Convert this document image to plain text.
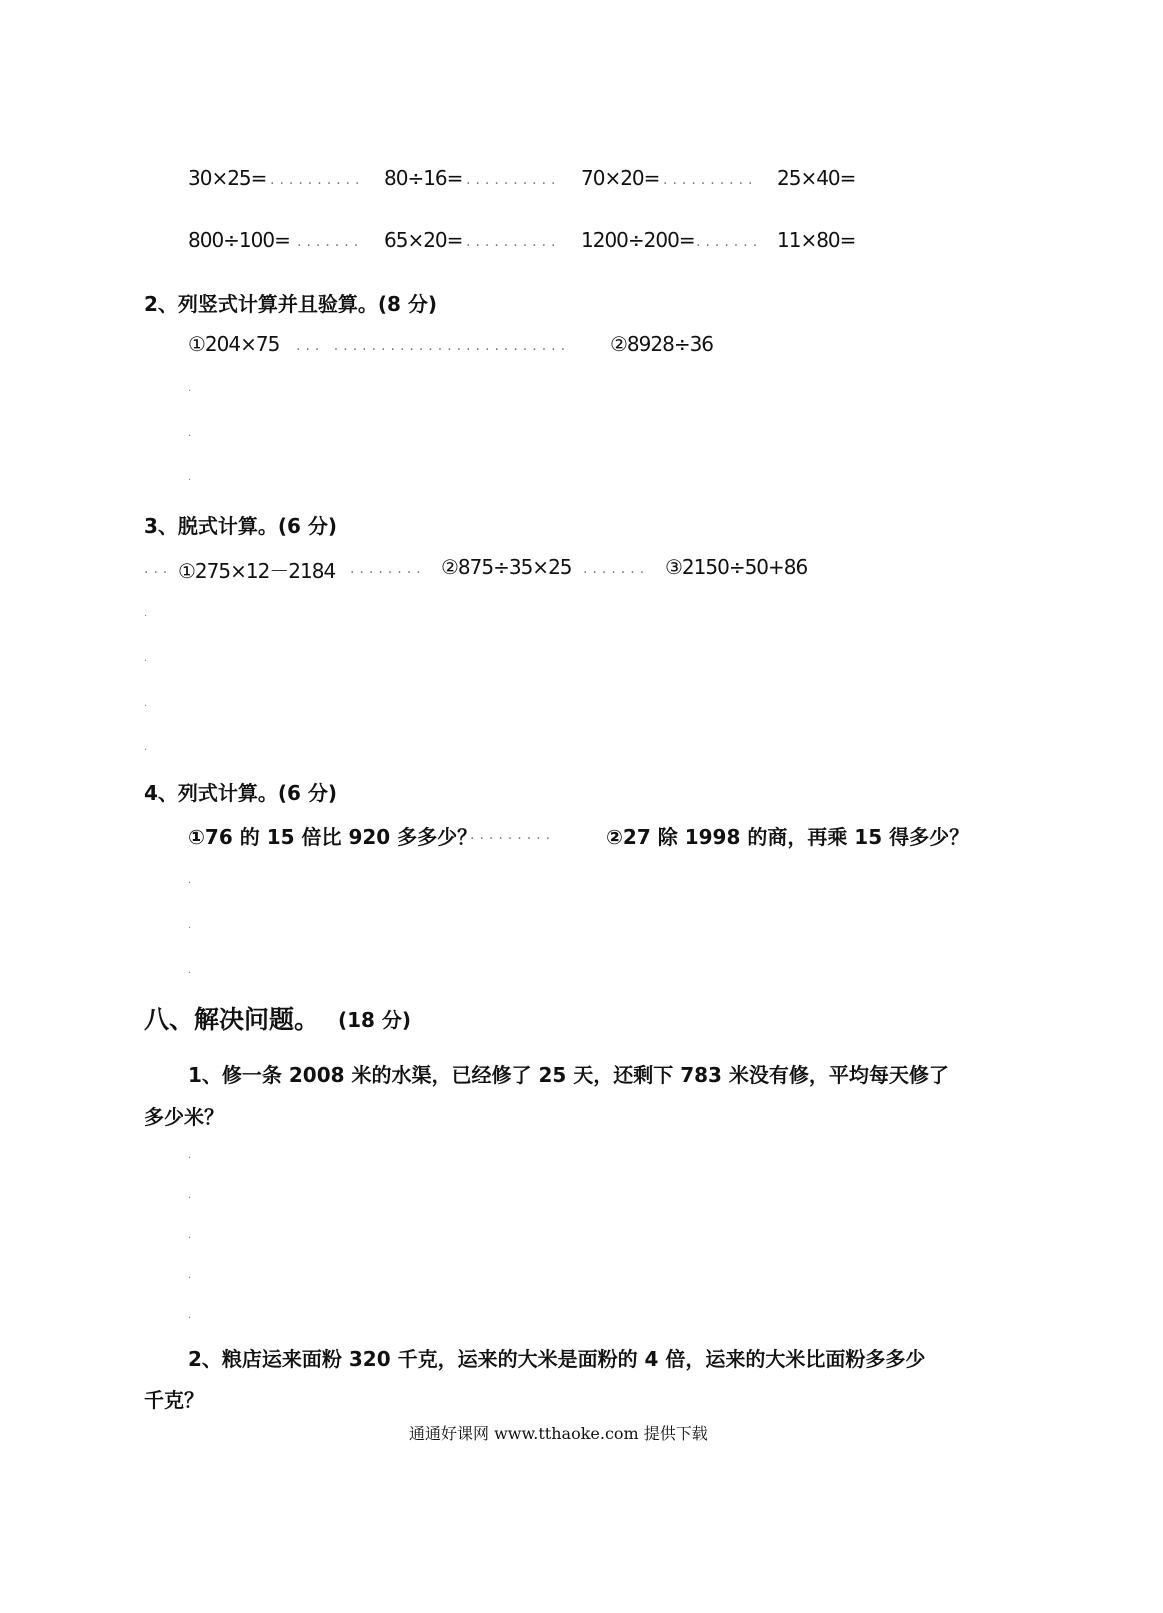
30×25= .......... 80÷16= .......... 70×20= .......... 25×40=
800÷100= ....... 65×20= .......... 1200÷200= ....... 11×80=
2、列竖式计算并且验算。(8 分)
①204×75 ... ......................... ②8928÷36
.
.
.
3、脱式计算。(6 分)
... ①275×12－2184 ........ ②875÷35×25 ....... ③2150÷50+86
.
.
.
.
4、列式计算。(6 分)
①76 的 15 倍比 920 多多少？
.........	②27 除 1998 的商，再乘 15 得多少？
.
.
.
八、解决问题。 (18 分)
1、修一条 2008 米的水渠，已经修了 25 天，还剩下 783 米没有修，平均每天修了
多少米？
.
.
.
.
.
2、粮店运来面粉 320 千克，运来的大米是面粉的 4 倍，运来的大米比面粉多多少
千克？
通通好课网 www.tthaoke.com 提供下载
